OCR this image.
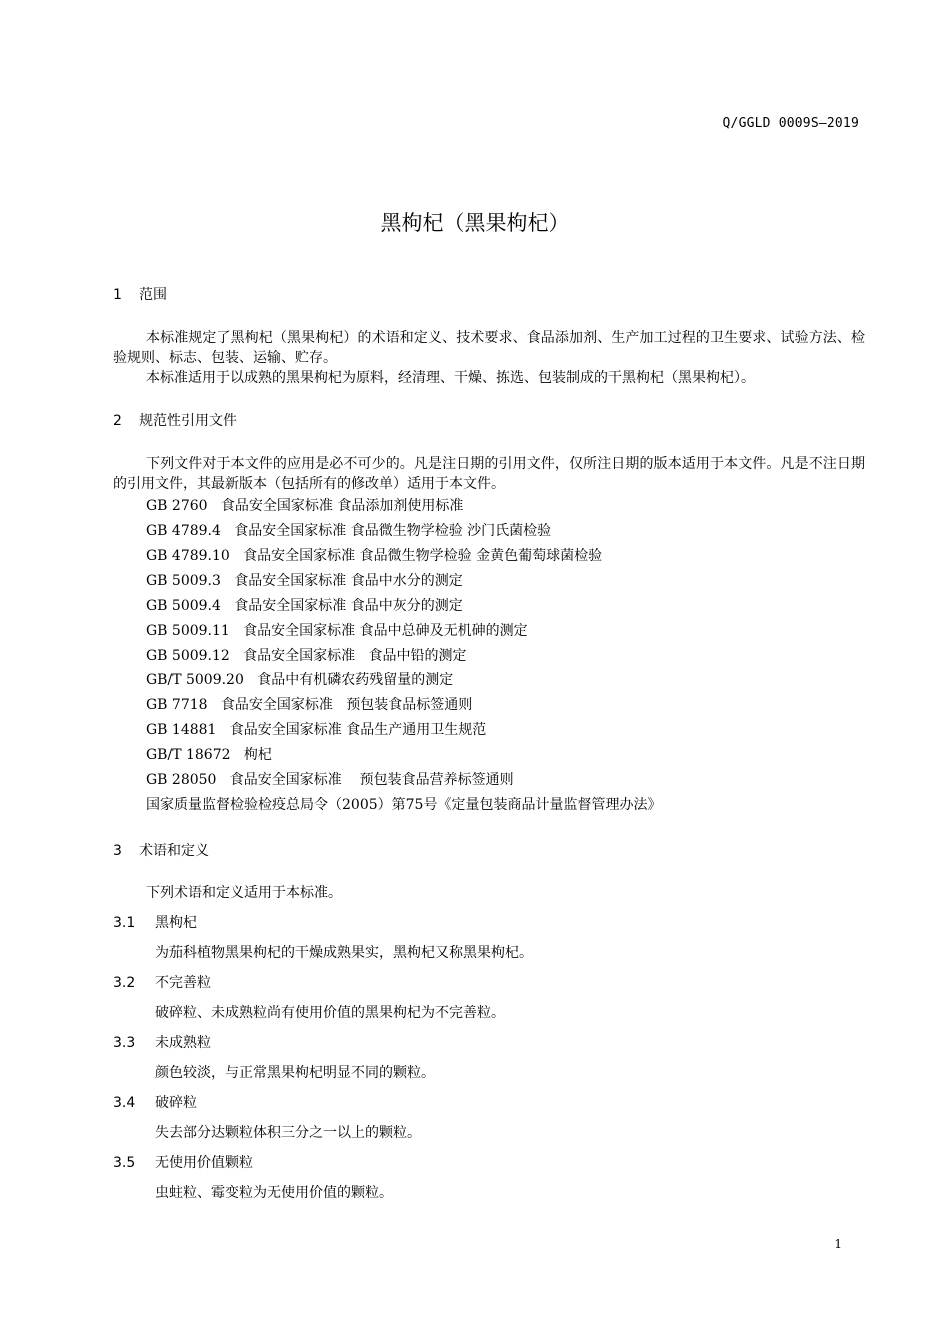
Q/GGLD 0009S—2019
黑枸杞（黑果枸杞）
1 范围
本标准规定了黑枸杞（黑果枸杞）的术语和定义、技术要求、食品添加剂、生产加工过程的卫生要求、试验方法、检验规则、标志、包装、运输、贮存。
本标准适用于以成熟的黑果枸杞为原料，经清理、干燥、拣选、包装制成的干黑枸杞（黑果枸杞）。
2 规范性引用文件
下列文件对于本文件的应用是必不可少的。凡是注日期的引用文件，仅所注日期的版本适用于本文件。凡是不注日期的引用文件，其最新版本（包括所有的修改单）适用于本文件。
GB 2760   食品安全国家标准 食品添加剂使用标准
GB 4789.4   食品安全国家标准 食品微生物学检验 沙门氏菌检验
GB 4789.10   食品安全国家标准 食品微生物学检验 金黄色葡萄球菌检验
GB 5009.3   食品安全国家标准 食品中水分的测定
GB 5009.4   食品安全国家标准 食品中灰分的测定
GB 5009.11   食品安全国家标准 食品中总砷及无机砷的测定
GB 5009.12   食品安全国家标准   食品中铅的测定
GB/T 5009.20   食品中有机磷农药残留量的测定
GB 7718   食品安全国家标准   预包装食品标签通则
GB 14881   食品安全国家标准 食品生产通用卫生规范
GB/T 18672   枸杞
GB 28050   食品安全国家标准    预包装食品营养标签通则
国家质量监督检验检疫总局令（2005）第75号《定量包装商品计量监督管理办法》
3 术语和定义
下列术语和定义适用于本标准。
3.1 黑枸杞
为茄科植物黑果枸杞的干燥成熟果实，黑枸杞又称黑果枸杞。
3.2 不完善粒
破碎粒、未成熟粒尚有使用价值的黑果枸杞为不完善粒。
3.3 未成熟粒
颜色较淡，与正常黑果枸杞明显不同的颗粒。
3.4 破碎粒
失去部分达颗粒体积三分之一以上的颗粒。
3.5 无使用价值颗粒
虫蛀粒、霉变粒为无使用价值的颗粒。
1
